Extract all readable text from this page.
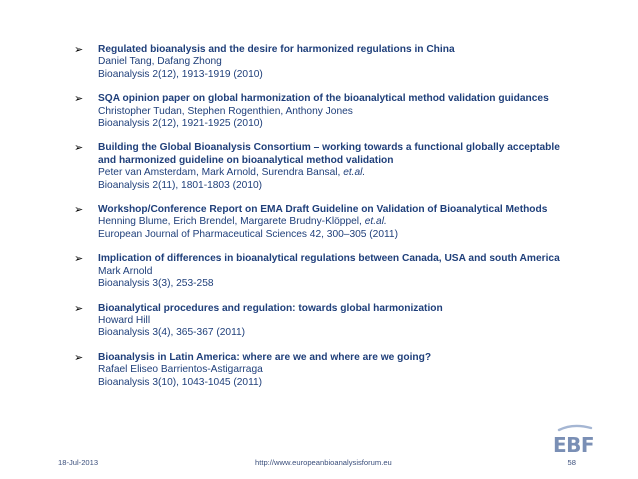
➢ Regulated bioanalysis and the desire for harmonized regulations in China
Daniel Tang, Dafang Zhong
Bioanalysis 2(12), 1913-1919 (2010)
➢ SQA opinion paper on global harmonization of the bioanalytical method validation guidances
Christopher Tudan, Stephen Rogenthien, Anthony Jones
Bioanalysis 2(12), 1921-1925 (2010)
➢ Building the Global Bioanalysis Consortium – working towards a functional globally acceptable
and harmonized guideline on bioanalytical method validation
Peter van Amsterdam, Mark Arnold, Surendra Bansal, et.al.
Bioanalysis 2(11), 1801-1803 (2010)
➢ Workshop/Conference Report on EMA Draft Guideline on Validation of Bioanalytical Methods
Henning Blume, Erich Brendel, Margarete Brudny-Klöppel, et.al.
European Journal of Pharmaceutical Sciences 42, 300–305 (2011)
➢ Implication of differences in bioanalytical regulations between Canada, USA and south America
Mark Arnold
Bioanalysis 3(3), 253-258
➢ Bioanalytical procedures and regulation: towards global harmonization
Howard Hill
Bioanalysis 3(4), 365-367 (2011)
➢ Bioanalysis in Latin America: where are we and where are we going?
Rafael Eliseo Barrientos-Astigarraga
Bioanalysis 3(10), 1043-1045 (2011)
EBF
18-Jul-2013	http://www.europeanbioanalysisforum.eu	58
